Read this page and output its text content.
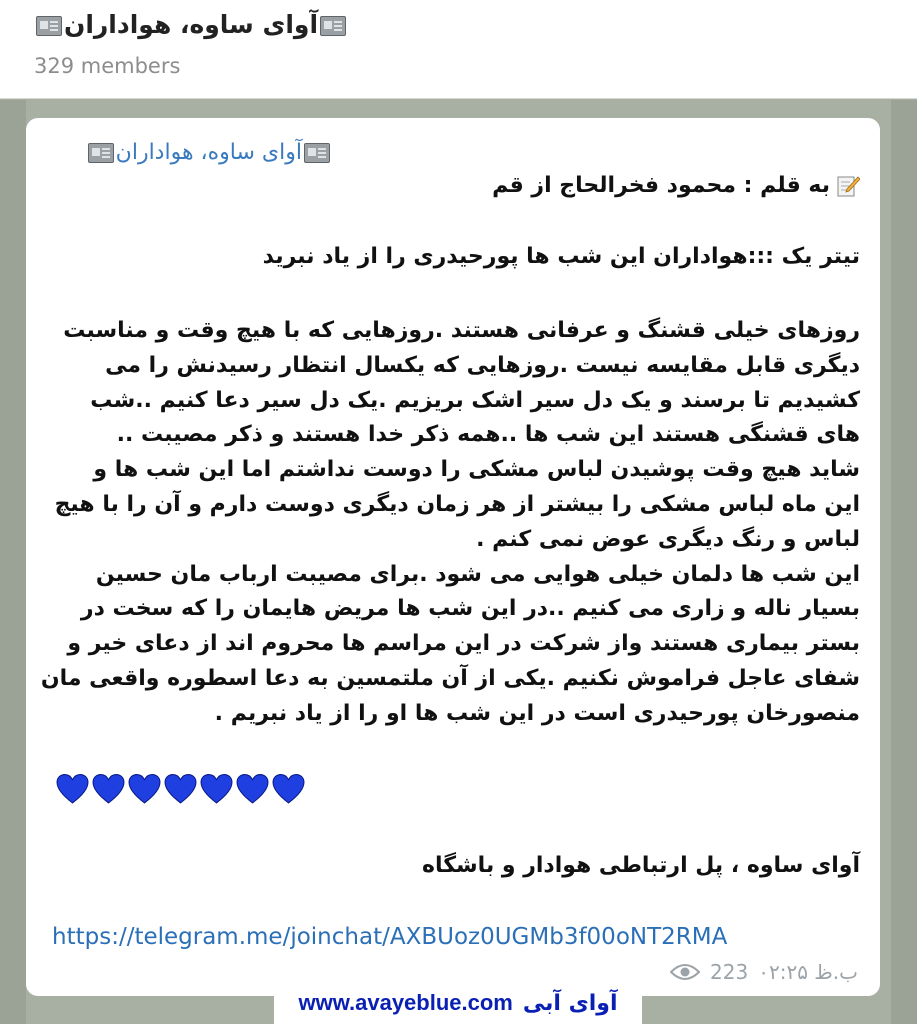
آوای ساوه، هواداران
329 members
آوای ساوه، هواداران
به قلم : محمود فخرالحاج از قم
تیتر یک :::هواداران این شب ها پورحیدری را از یاد نبرید
روزهای خیلی قشنگ و عرفانی هستند .روزهایی که با هیچ وقت و مناسبت
دیگری قابل مقایسه نیست .روزهایی که یکسال انتظار رسیدنش را می
کشیدیم تا برسند و یک دل سیر اشک بریزیم .یک دل سیر دعا کنیم ..شب
های قشنگی هستند این شب ها ..همه ذکر خدا هستند و ذکر مصیبت ..
شاید هیچ وقت پوشیدن لباس مشکی را دوست نداشتم اما این شب ها و
این ماه لباس مشکی را بیشتر از هر زمان دیگری دوست دارم و آن را با هیچ
لباس و رنگ دیگری عوض نمی کنم .
این شب ها دلمان خیلی هوایی می شود .برای مصیبت ارباب مان حسین
بسیار ناله و زاری می کنیم ..در این شب ها مریض هایمان را که سخت در
بستر بیماری هستند واز شرکت در این مراسم ها محروم اند از دعای خیر و
شفای عاجل فراموش نکنیم .یکی از آن ملتمسین به دعا اسطوره واقعی مان
منصورخان پورحیدری است در این شب ها او را از یاد نبریم .
آوای ساوه ، پل ارتباطی هوادار و باشگاه
https://telegram.me/joinchat/AXBUoz0UGMb3f00oNT2RMA
223 ب.ظ ۰۲:۲۵
www.avayeblue.com آوای آبی
